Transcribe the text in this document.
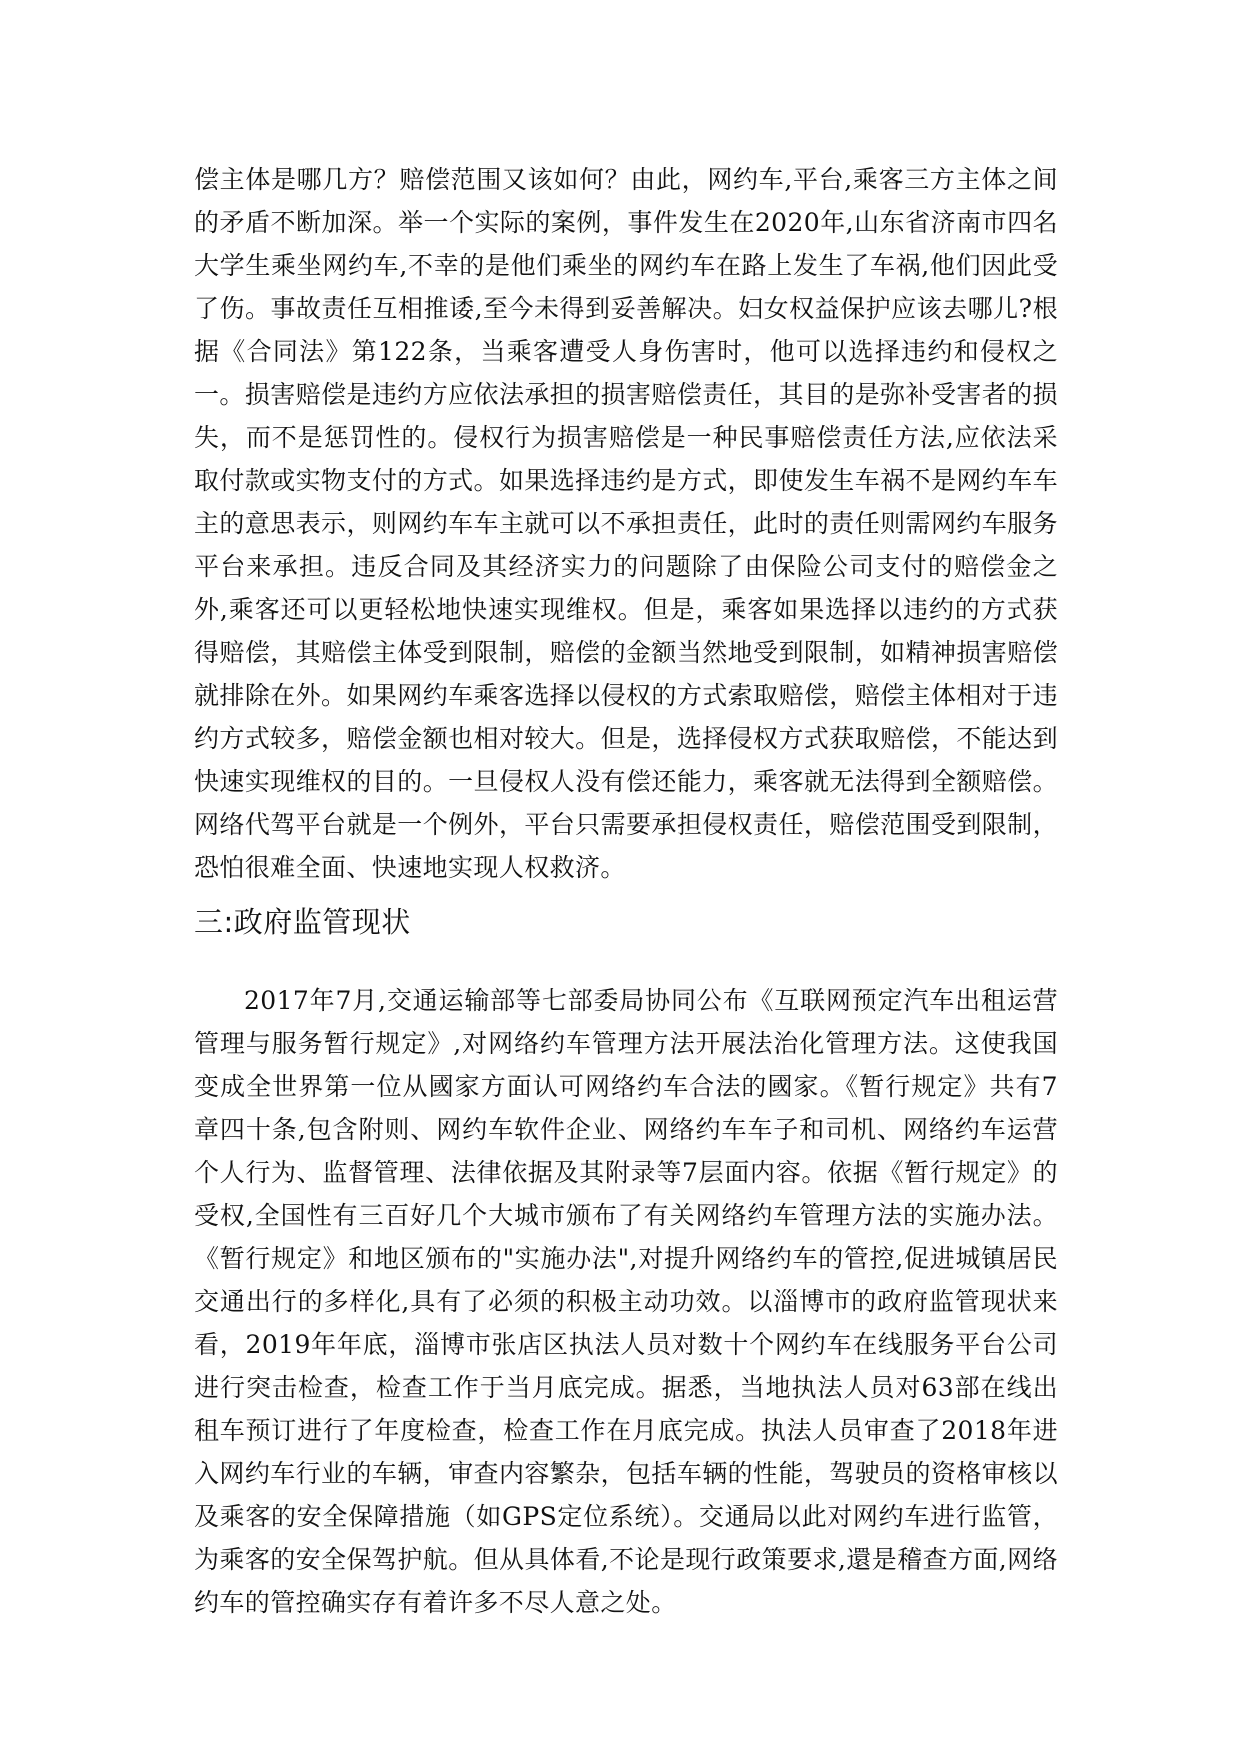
偿主体是哪几方？赔偿范围又该如何？由此，网约车,平台,乘客三方主体之间的矛盾不断加深。举一个实际的案例，事件发生在2020年,山东省济南市四名大学生乘坐网约车,不幸的是他们乘坐的网约车在路上发生了车祸,他们因此受了伤。事故责任互相推诿,至今未得到妥善解决。妇女权益保护应该去哪儿?根据《合同法》第122条，当乘客遭受人身伤害时，他可以选择违约和侵权之一。损害赔偿是违约方应依法承担的损害赔偿责任，其目的是弥补受害者的损失，而不是惩罚性的。侵权行为损害赔偿是一种民事赔偿责任方法,应依法采取付款或实物支付的方式。如果选择违约是方式，即使发生车祸不是网约车车主的意思表示，则网约车车主就可以不承担责任，此时的责任则需网约车服务平台来承担。违反合同及其经济实力的问题除了由保险公司支付的赔偿金之外,乘客还可以更轻松地快速实现维权。但是，乘客如果选择以违约的方式获得赔偿，其赔偿主体受到限制，赔偿的金额当然地受到限制，如精神损害赔偿就排除在外。如果网约车乘客选择以侵权的方式索取赔偿，赔偿主体相对于违约方式较多，赔偿金额也相对较大。但是，选择侵权方式获取赔偿，不能达到快速实现维权的目的。一旦侵权人没有偿还能力，乘客就无法得到全额赔偿。网络代驾平台就是一个例外，平台只需要承担侵权责任，赔偿范围受到限制，恐怕很难全面、快速地实现人权救济。

三:政府监管现状

2017年7月,交通运输部等七部委局协同公布《互联网预定汽车出租运营管理与服务暂行规定》,对网络约车管理方法开展法治化管理方法。这使我国变成全世界第一位从國家方面认可网络约车合法的國家。《暂行规定》共有7章四十条,包含附则、网约车软件企业、网络约车车子和司机、网络约车运营个人行为、监督管理、法律依据及其附录等7层面内容。依据《暂行规定》的受权,全国性有三百好几个大城市颁布了有关网络约车管理方法的实施办法。《暂行规定》和地区颁布的"实施办法",对提升网络约车的管控,促进城镇居民交通出行的多样化,具有了必须的积极主动功效。以淄博市的政府监管现状来看，2019年年底，淄博市张店区执法人员对数十个网约车在线服务平台公司进行突击检查，检查工作于当月底完成。据悉，当地执法人员对63部在线出租车预订进行了年度检查，检查工作在月底完成。执法人员审查了2018年进入网约车行业的车辆，审查内容繁杂，包括车辆的性能，驾驶员的资格审核以及乘客的安全保障措施（如GPS定位系统）。交通局以此对网约车进行监管，为乘客的安全保驾护航。但从具体看,不论是现行政策要求,還是稽查方面,网络约车的管控确实存有着许多不尽人意之处。
